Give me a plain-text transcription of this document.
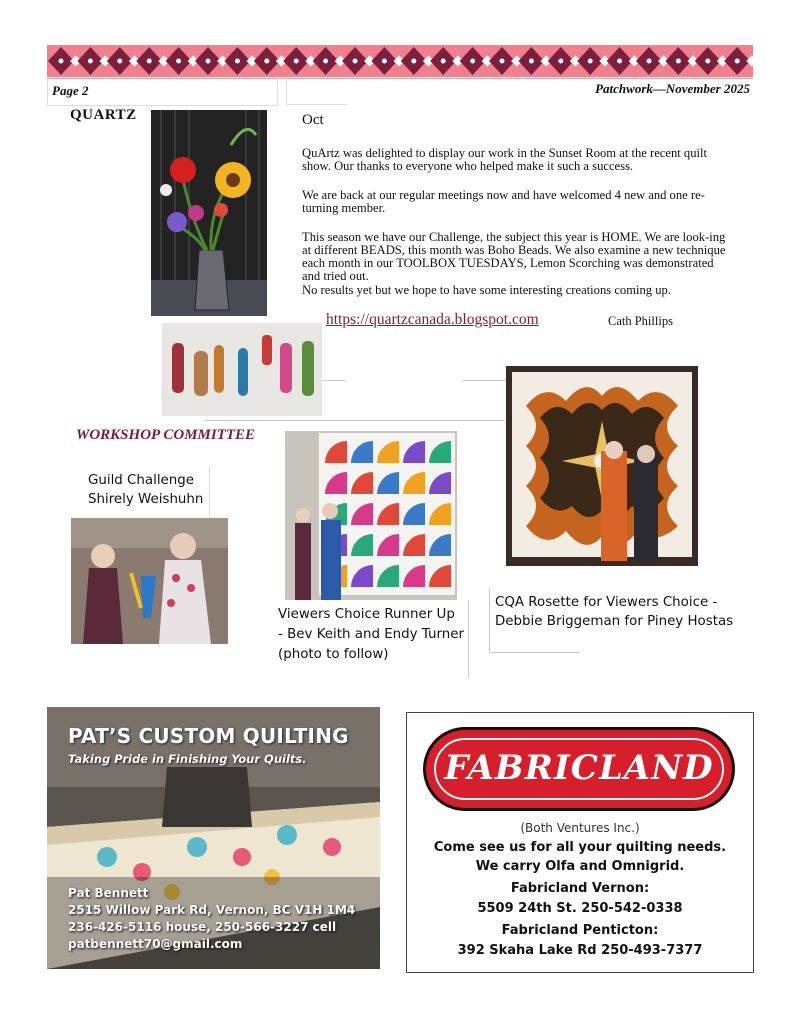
Page 2	Patchwork—November 2025
QUARTZ	Oct
QuArtz was delighted to display our work in the Sunset Room at the recent quilt show. Our thanks to everyone who helped make it such a success.
We are back at our regular meetings now and have welcomed 4 new and one re-turning member.
This season we have our Challenge, the subject this year is HOME. We are look-ing at different BEADS, this month was Boho Beads. We also examine a new technique each month in our TOOLBOX TUESDAYS, Lemon Scorching was demonstrated and tried out.
No results yet but we hope to have some interesting creations coming up.
https://quartzcanada.blogspot.com	Cath Phillips
WORKSHOP COMMITTEE
Guild Challenge
Shirely Weishuhn
Viewers Choice Runner Up
- Bev Keith and Endy Turner
(photo to follow)
CQA Rosette for Viewers Choice -
Debbie Briggeman for Piney Hostas
PAT’S CUSTOM QUILTING
Taking Pride in Finishing Your Quilts.
Pat Bennett
2515 Willow Park Rd, Vernon, BC V1H 1M4
236-426-5116 house, 250-566-3227 cell
patbennett70@gmail.com
FABRICLAND
(Both Ventures Inc.)
Come see us for all your quilting needs.
We carry Olfa and Omnigrid.
Fabricland Vernon:
5509 24th St. 250-542-0338
Fabricland Penticton:
392 Skaha Lake Rd 250-493-7377
